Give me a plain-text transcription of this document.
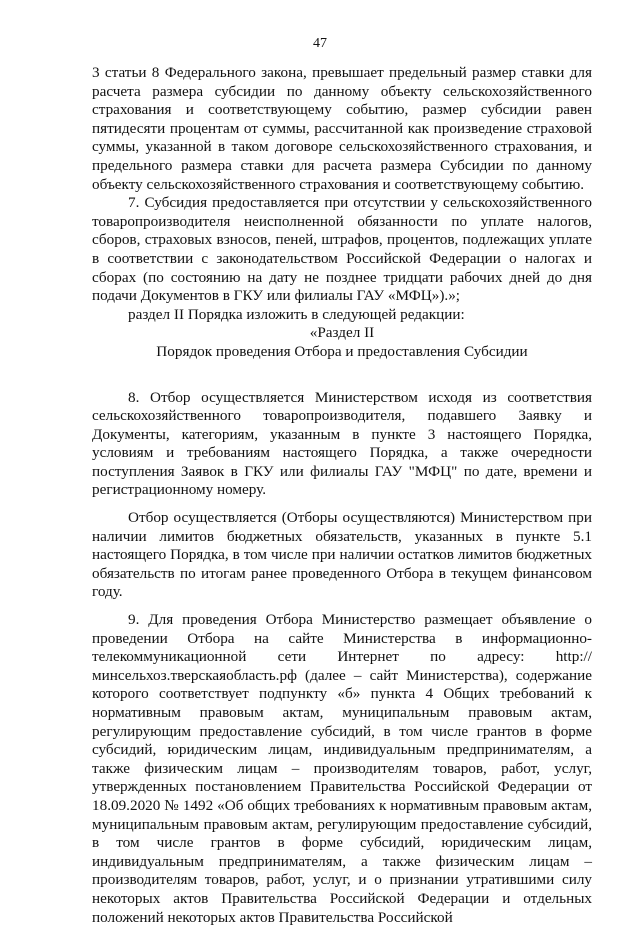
47

3 статьи 8 Федерального закона, превышает предельный размер ставки для расчета размера субсидии по данному объекту сельскохозяйственного страхования и соответствующему событию, размер субсидии равен пятидесяти процентам от суммы, рассчитанной как произведение страховой суммы, указанной в таком договоре сельскохозяйственного страхования, и предельного размера ставки для расчета размера Субсидии по данному объекту сельскохозяйственного страхования и соответствующему событию.

7. Субсидия предоставляется при отсутствии у сельскохозяйственного товаропроизводителя неисполненной обязанности по уплате налогов, сборов, страховых взносов, пеней, штрафов, процентов, подлежащих уплате в соответствии с законодательством Российской Федерации о налогах и сборах (по состоянию на дату не позднее тридцати рабочих дней до дня подачи Документов в ГКУ или филиалы ГАУ «МФЦ»).»;

раздел II Порядка изложить в следующей редакции:

«Раздел II

Порядок проведения Отбора и предоставления Субсидии

8. Отбор осуществляется Министерством исходя из соответствия сельскохозяйственного товаропроизводителя, подавшего Заявку и Документы, категориям, указанным в пункте 3 настоящего Порядка, условиям и требованиям настоящего Порядка, а также очередности поступления Заявок в ГКУ или филиалы ГАУ "МФЦ" по дате, времени и регистрационному номеру.

Отбор осуществляется (Отборы осуществляются) Министерством при наличии лимитов бюджетных обязательств, указанных в пункте 5.1 настоящего Порядка, в том числе при наличии остатков лимитов бюджетных обязательств по итогам ранее проведенного Отбора в текущем финансовом году.

9. Для проведения Отбора Министерство размещает объявление о проведении Отбора на сайте Министерства в информационно-телекоммуникационной сети Интернет по адресу: http://минсельхоз.тверскаяобласть.рф (далее – сайт Министерства), содержание которого соответствует подпункту «б» пункта 4 Общих требований к нормативным правовым актам, муниципальным правовым актам, регулирующим предоставление субсидий, в том числе грантов в форме субсидий, юридическим лицам, индивидуальным предпринимателям, а также физическим лицам – производителям товаров, работ, услуг, утвержденных постановлением Правительства Российской Федерации от 18.09.2020 № 1492 «Об общих требованиях к нормативным правовым актам, муниципальным правовым актам, регулирующим предоставление субсидий, в том числе грантов в форме субсидий, юридическим лицам, индивидуальным предпринимателям, а также физическим лицам – производителям товаров, работ, услуг, и о признании утратившими силу некоторых актов Правительства Российской Федерации и отдельных положений некоторых актов Правительства Российской
